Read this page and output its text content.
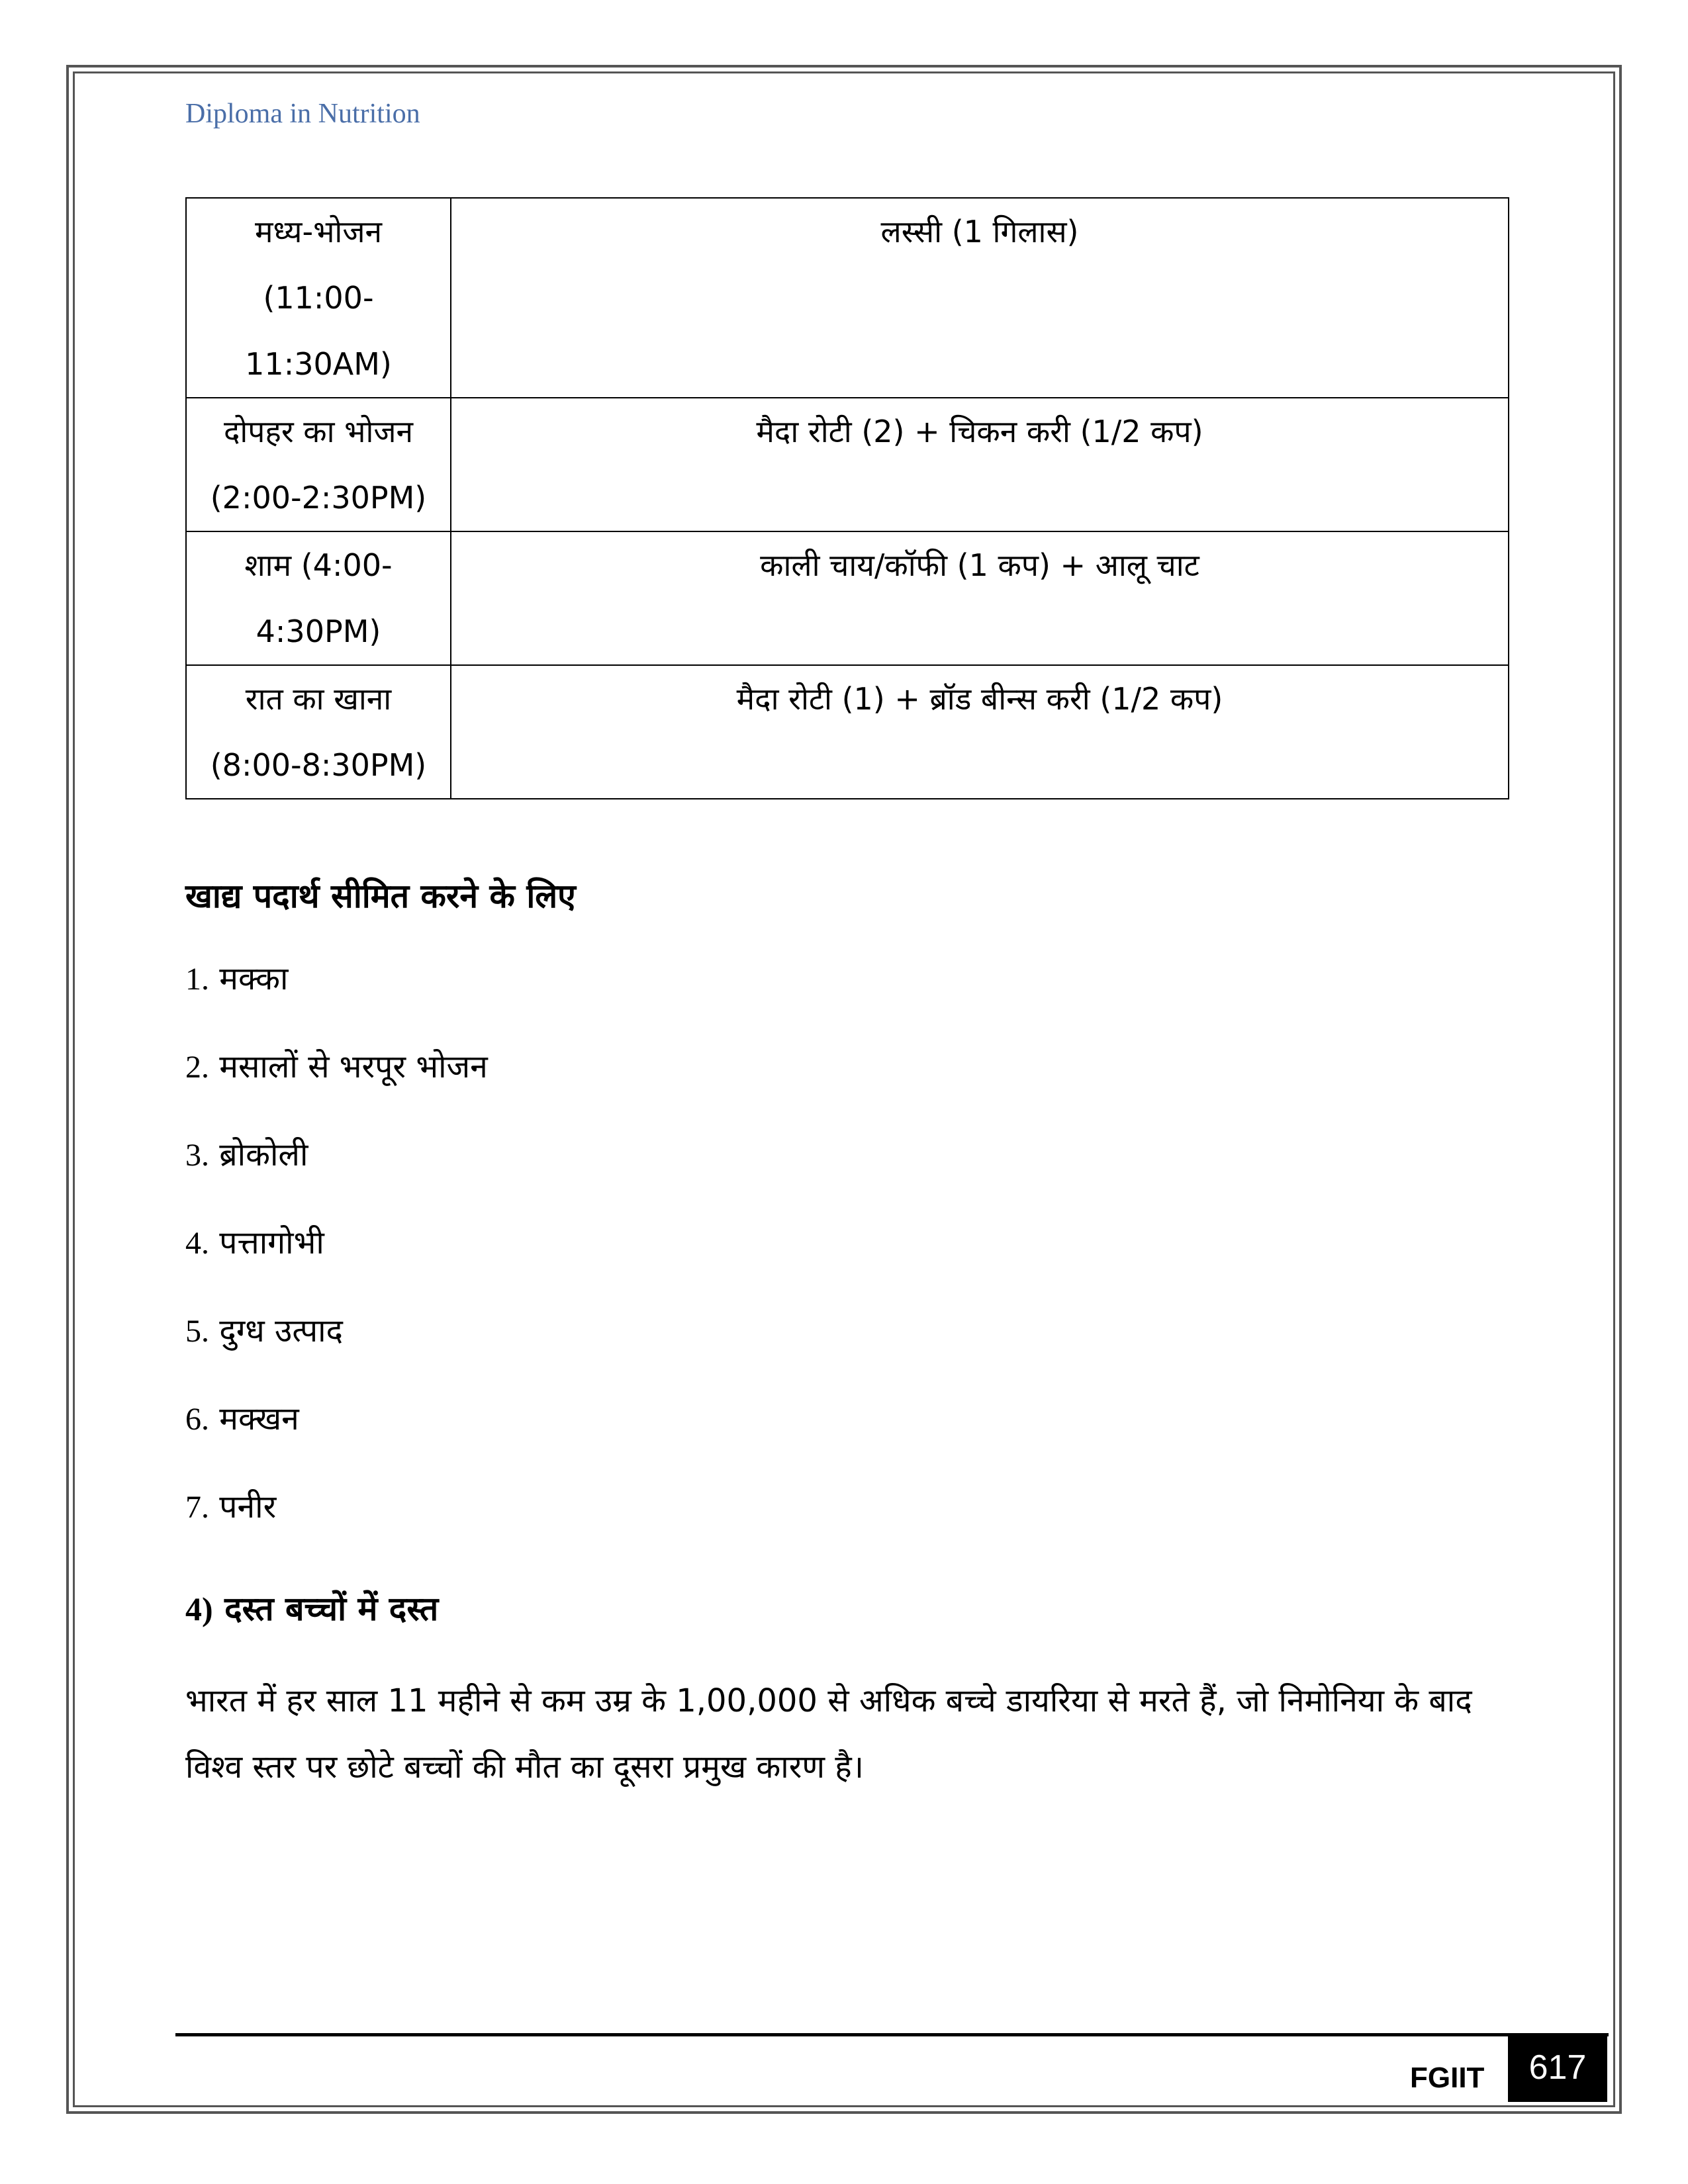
Diploma in Nutrition
मध्य-भोजन
(11:00-
11:30AM)	लस्सी (1 गिलास)

दोपहर का भोजन
(2:00-2:30PM)	मैदा रोटी (2) + चिकन करी (1/2 कप)

शाम (4:00-
4:30PM)	काली चाय/कॉफी (1 कप) + आलू चाट

रात का खाना
(8:00-8:30PM)	मैदा रोटी (1) + ब्रॉड बीन्स करी (1/2 कप)
खाद्य पदार्थ सीमित करने के लिए
1. मक्का
2. मसालों से भरपूर भोजन
3. ब्रोकोली
4. पत्तागोभी
5. दुग्ध उत्पाद
6. मक्खन
7. पनीर
4) दस्त बच्चों में दस्त
भारत में हर साल 11 महीने से कम उम्र के 1,00,000 से अधिक बच्चे डायरिया से मरते हैं, जो निमोनिया के बाद विश्व स्तर पर छोटे बच्चों की मौत का दूसरा प्रमुख कारण है।
FGIIT	617
